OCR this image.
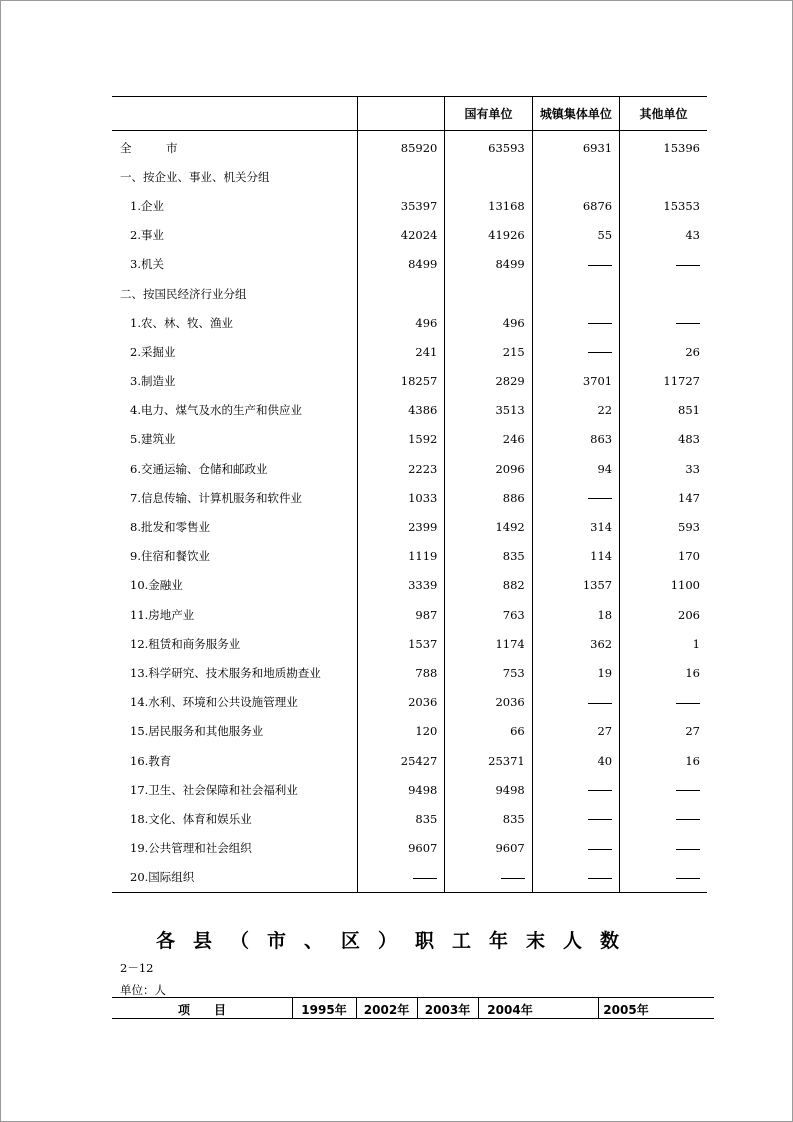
		国有单位	城镇集体单位	其他单位
全　　　市	85920	63593	6931	15396
一、按企业、事业、机关分组				
1.企业	35397	13168	6876	15353
2.事业	42024	41926	55	43
3.机关	8499	8499		
二、按国民经济行业分组				
1.农、林、牧、渔业	496	496		
2.采掘业	241	215		26
3.制造业	18257	2829	3701	11727
4.电力、煤气及水的生产和供应业	4386	3513	22	851
5.建筑业	1592	246	863	483
6.交通运输、仓储和邮政业	2223	2096	94	33
7.信息传输、计算机服务和软件业	1033	886		147
8.批发和零售业	2399	1492	314	593
9.住宿和餐饮业	1119	835	114	170
10.金融业	3339	882	1357	1100
11.房地产业	987	763	18	206
12.租赁和商务服务业	1537	1174	362	1
13.科学研究、技术服务和地质勘查业	788	753	19	16
14.水利、环境和公共设施管理业	2036	2036		
15.居民服务和其他服务业	120	66	27	27
16.教育	25427	25371	40	16
17.卫生、社会保障和社会福利业	9498	9498		
18.文化、体育和娱乐业	835	835		
19.公共管理和社会组织	9607	9607		
20.国际组织				
各县（市、区）职工年末人数
2－12
单位：人
项　　目	1995年	2002年	2003年	2004年	2005年
